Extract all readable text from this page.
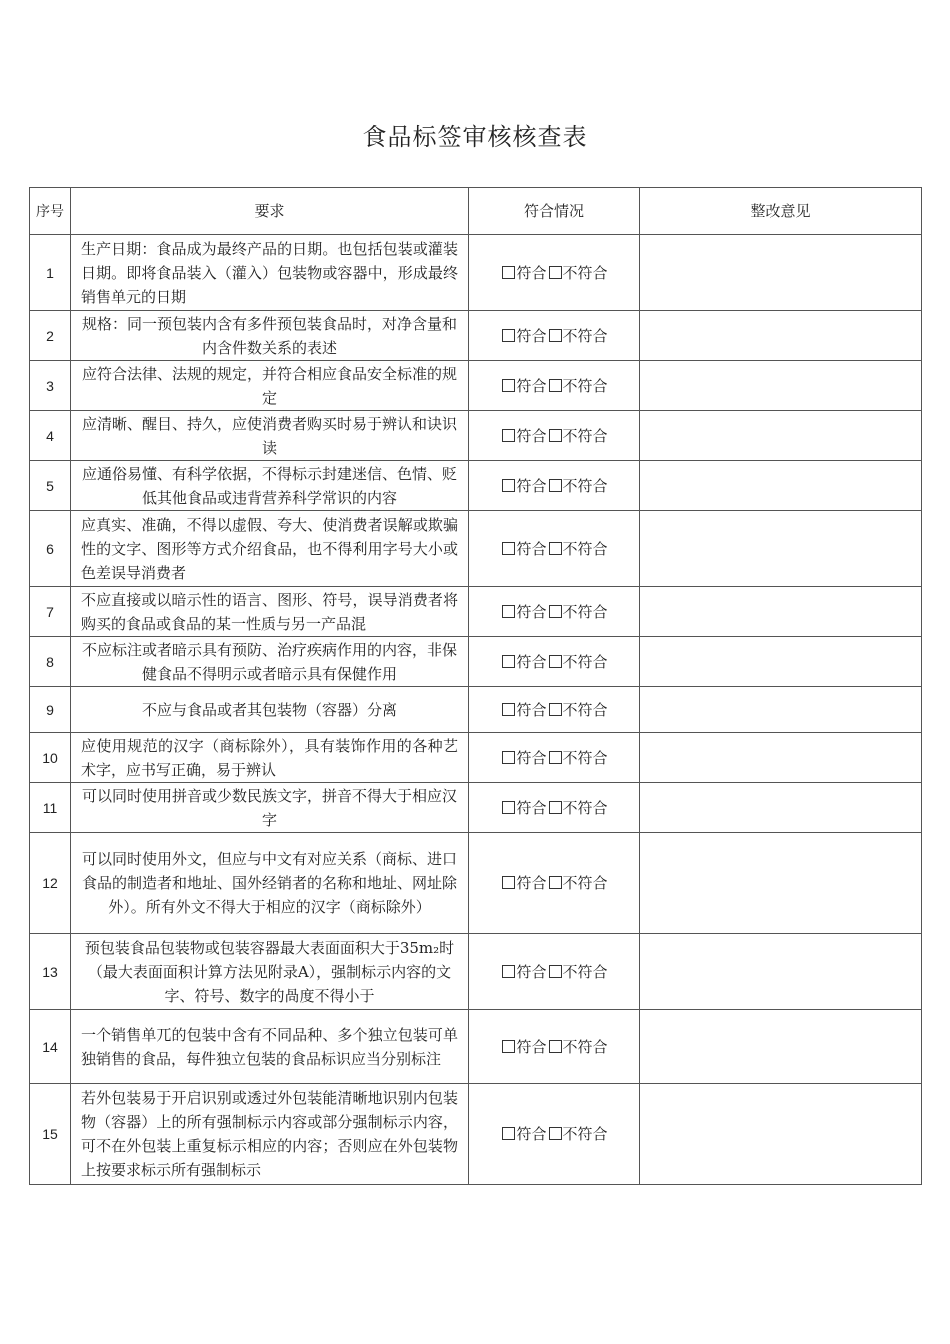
食品标签审核核查表
序号	要求	符合情况	整改意见
1	生产日期：食品成为最终产品的日期。也包括包装或灌装日期。即将食品装入（灌入）包装物或容器中，形成最终销售单元的日期	符合 不符合	
2	规格：同一预包装内含有多件预包装食品时，对净含量和内含件数关系的表述	符合 不符合	
3	应符合法律、法规的规定，并符合相应食品安全标准的规定	符合 不符合	
4	应清晰、醒目、持久，应使消费者购买时易于辨认和诀识读	符合 不符合	
5	应通俗易懂、有科学依据，不得标示封建迷信、色情、贬低其他食品或违背营养科学常识的内容	符合 不符合	
6	应真实、准确，不得以虚假、夸大、使消费者误解或欺骗性的文字、图形等方式介绍食品，也不得利用字号大小或色差误导消费者	符合 不符合	
7	不应直接或以暗示性的语言、图形、符号，误导消费者将购买的食品或食品的某一性质与另一产品混	符合 不符合	
8	不应标注或者暗示具有预防、治疗疾病作用的内容，非保健食品不得明示或者暗示具有保健作用	符合 不符合	
9	不应与食品或者其包装物（容器）分离	符合 不符合	
10	应使用规范的汉字（商标除外），具有装饰作用的各种艺术字，应书写正确，易于辨认	符合 不符合	
11	可以同时使用拼音或少数民族文字，拼音不得大于相应汉字	符合 不符合	
12	可以同时使用外文，但应与中文有对应关系（商标、进口食品的制造者和地址、国外经销者的名称和地址、网址除外）。所有外文不得大于相应的汉字（商标除外）	符合 不符合	
13	预包装食品包装物或包装容器最大表面面积大于35m₂时（最大表面面积计算方法见附录A），强制标示内容的文字、符号、数字的咼度不得小于	符合 不符合	
14	一个销售单兀的包装中含有不同品种、多个独立包装可单独销售的食品，每件独立包装的食品标识应当分别标注	符合 不符合	
15	若外包装易于开启识别或透过外包装能清晰地识别内包装物（容器）上的所有强制标示内容或部分强制标示内容，可不在外包装上重复标示相应的内容；否则应在外包装物上按要求标示所有强制标示	符合 不符合	
